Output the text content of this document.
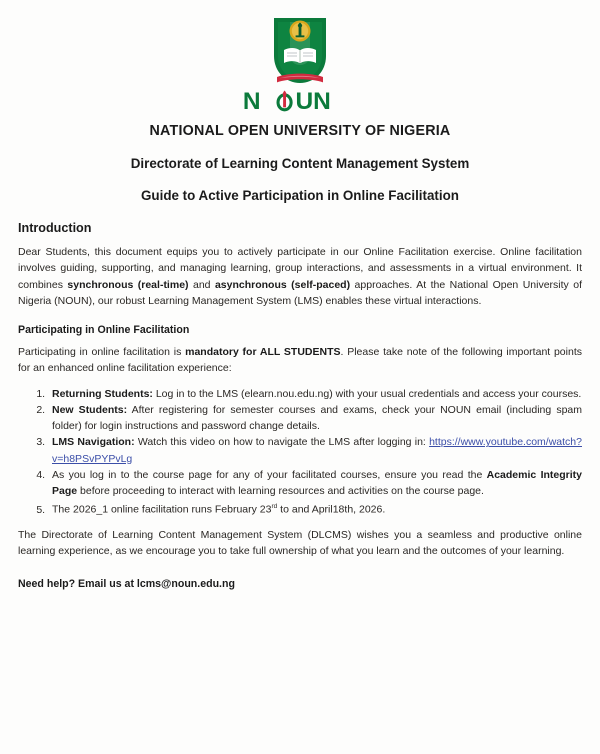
N UN
NATIONAL OPEN UNIVERSITY OF NIGERIA
Directorate of Learning Content Management System
Guide to Active Participation in Online Facilitation
Introduction

Dear Students, this document equips you to actively participate in our Online Facilitation exercise. Online facilitation involves guiding, supporting, and managing learning, group interactions, and assessments in a virtual environment. It combines synchronous (real-time) and asynchronous (self-paced) approaches. At the National Open University of Nigeria (NOUN), our robust Learning Management System (LMS) enables these virtual interactions.

Participating in Online Facilitation

Participating in online facilitation is mandatory for ALL STUDENTS. Please take note of the following important points for an enhanced online facilitation experience:

1. Returning Students: Log in to the LMS (elearn.nou.edu.ng) with your usual credentials and access your courses.
2. New Students: After registering for semester courses and exams, check your NOUN email (including spam folder) for login instructions and password change details.
3. LMS Navigation: Watch this video on how to navigate the LMS after logging in: https://www.youtube.com/watch?v=h8PSvPYPvLg
4. As you log in to the course page for any of your facilitated courses, ensure you read the Academic Integrity Page before proceeding to interact with learning resources and activities on the course page.
5. The 2026_1 online facilitation runs February 23rd to and April18th, 2026.

The Directorate of Learning Content Management System (DLCMS) wishes you a seamless and productive online learning experience, as we encourage you to take full ownership of what you learn and the outcomes of your learning.

Need help? Email us at lcms@noun.edu.ng
